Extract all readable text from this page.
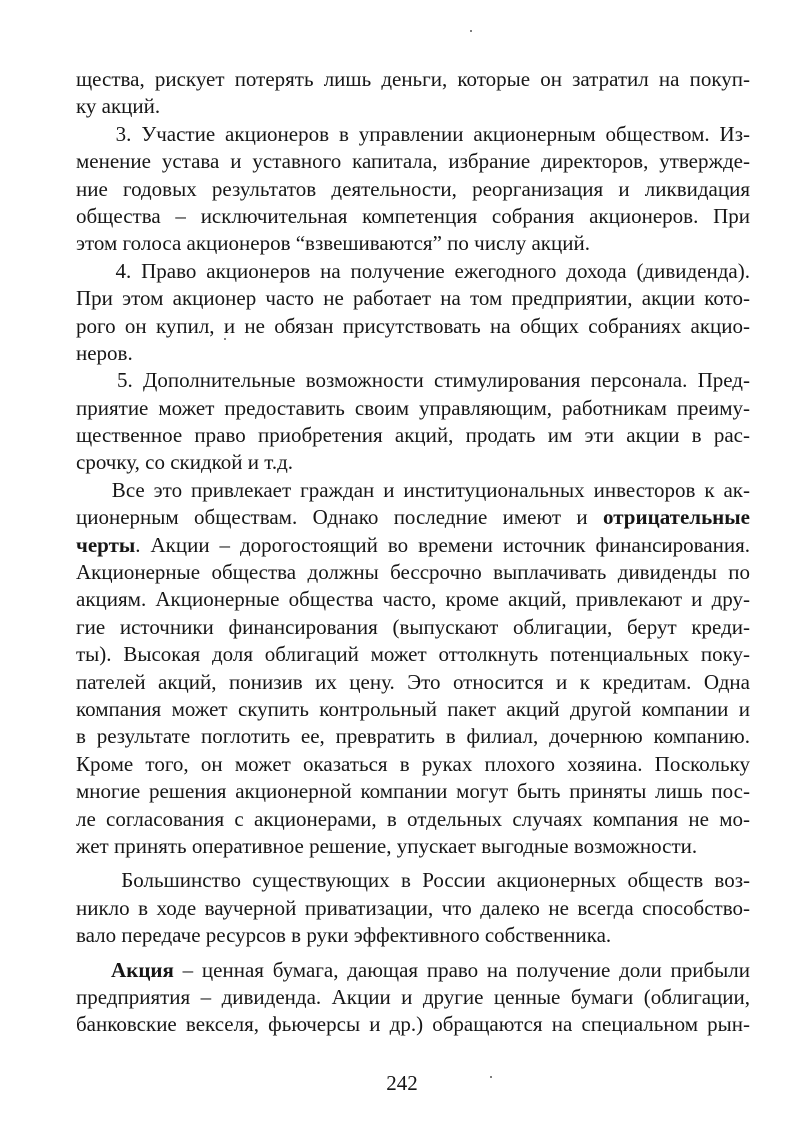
щества, рискует потерять лишь деньги, которые он затратил на покуп-
ку акций.
3. Участие акционеров в управлении акционерным обществом. Из-
менение устава и уставного капитала, избрание директоров, утвержде-
ние годовых результатов деятельности, реорганизация и ликвидация
общества – исключительная компетенция собрания акционеров. При
этом голоса акционеров “взвешиваются” по числу акций.
4. Право акционеров на получение ежегодного дохода (дивиденда).
При этом акционер часто не работает на том предприятии, акции кото-
рого он купил, и не обязан присутствовать на общих собраниях акцио-
неров.
5. Дополнительные возможности стимулирования персонала. Пред-
приятие может предоставить своим управляющим, работникам преиму-
щественное право приобретения акций, продать им эти акции в рас-
срочку, со скидкой и т.д.
Все это привлекает граждан и институциональных инвесторов к ак-
ционерным обществам. Однако последние имеют и отрицательные
черты. Акции – дорогостоящий во времени источник финансирования.
Акционерные общества должны бессрочно выплачивать дивиденды по
акциям. Акционерные общества часто, кроме акций, привлекают и дру-
гие источники финансирования (выпускают облигации, берут креди-
ты). Высокая доля облигаций может оттолкнуть потенциальных поку-
пателей акций, понизив их цену. Это относится и к кредитам. Одна
компания может скупить контрольный пакет акций другой компании и
в результате поглотить ее, превратить в филиал, дочернюю компанию.
Кроме того, он может оказаться в руках плохого хозяина. Поскольку
многие решения акционерной компании могут быть приняты лишь пос-
ле согласования с акционерами, в отдельных случаях компания не мо-
жет принять оперативное решение, упускает выгодные возможности.
Большинство существующих в России акционерных обществ воз-
никло в ходе ваучерной приватизации, что далеко не всегда способство-
вало передаче ресурсов в руки эффективного собственника.
Акция – ценная бумага, дающая право на получение доли прибыли
предприятия – дивиденда. Акции и другие ценные бумаги (облигации,
банковские векселя, фьючерсы и др.) обращаются на специальном рын-
242
